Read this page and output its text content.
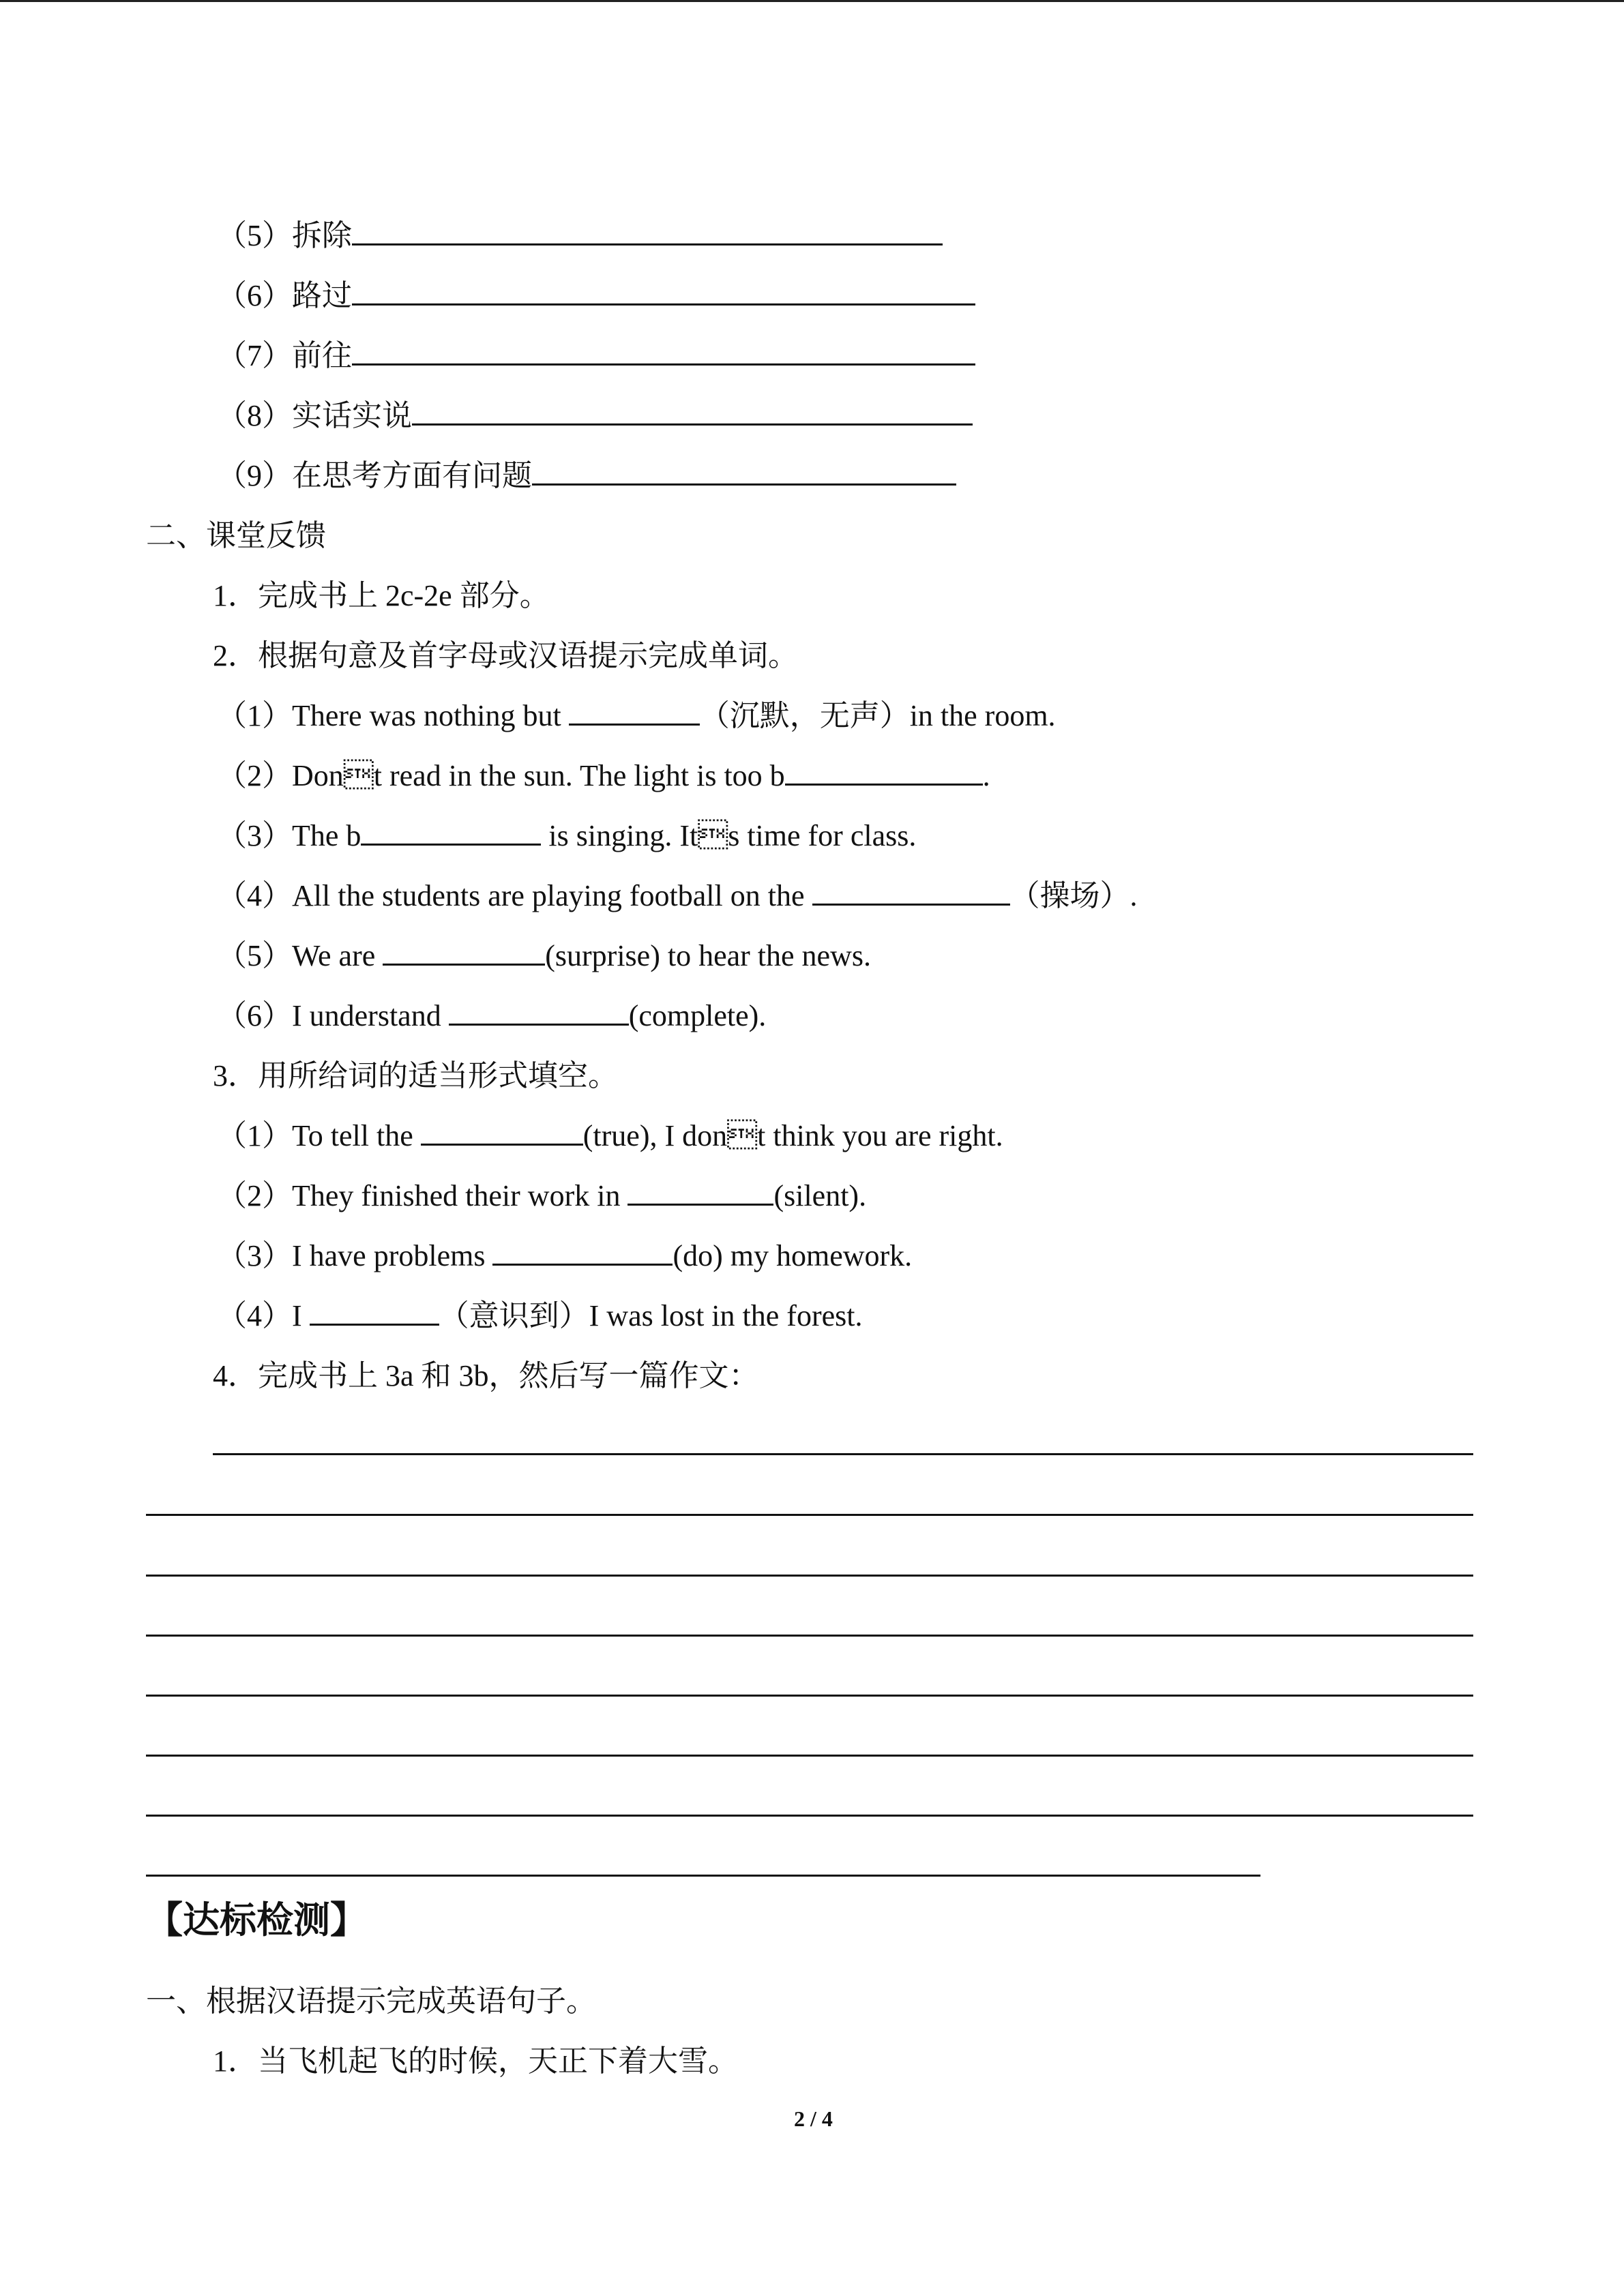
（5）拆除
（6）路过
（7）前往
（8）实话实说
（9）在思考方面有问题
二、课堂反馈
1．完成书上 2c-2e 部分。
2．根据句意及首字母或汉语提示完成单词。
（1）There was nothing but	（沉默，无声）in the room.
（2）Dont read in the sun. The light is too b	.
（3）The b	is singing. Its time for class.
（4）All the students are playing football on the	（操场）.
（5）We are	(surprise) to hear the news.
（6）I understand	(complete).
3．用所给词的适当形式填空。
（1）To tell the	(true), I dont think you are right.
（2）They finished their work in	(silent).
（3）I have problems	(do) my homework.
（4）I	（意识到）I was lost in the forest.
4．完成书上 3a 和 3b，然后写一篇作文：
【达标检测】
一、根据汉语提示完成英语句子。
1．当飞机起飞的时候，天正下着大雪。
2 / 4
